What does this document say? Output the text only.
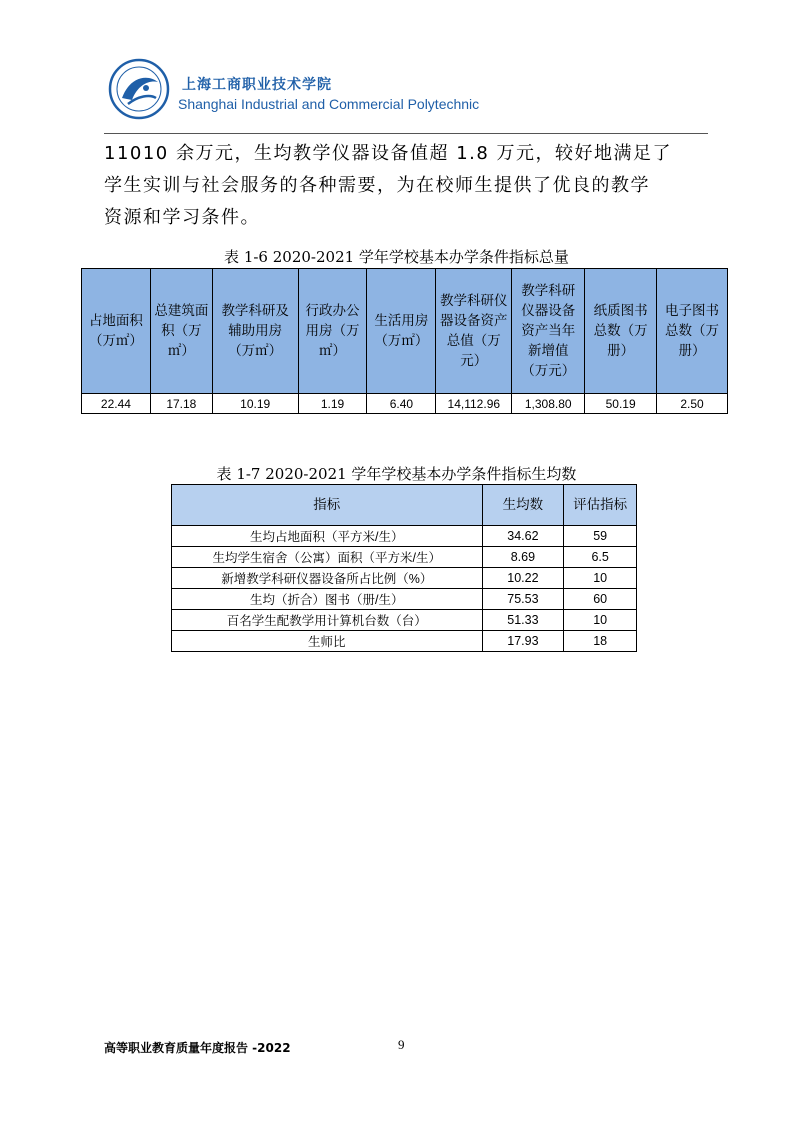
上海工商职业技术学院
Shanghai Industrial and Commercial Polytechnic

11010 余万元，生均教学仪器设备值超 1.8 万元，较好地满足了

学生实训与社会服务的各种需要，为在校师生提供了优良的教学

资源和学习条件。

表 1-6 2020-2021 学年学校基本办学条件指标总量
占地面积（万㎡）	总建筑面积（万㎡）	教学科研及辅助用房（万㎡）	行政办公用房（万㎡）	生活用房（万㎡）	教学科研仪器设备资产总值（万元）	教学科研仪器设备资产当年新增值（万元）	纸质图书总数（万册）	电子图书总数（万册）
22.44	17.18	10.19	1.19	6.40	14,112.96	1,308.80	50.19	2.50
表 1-7 2020-2021 学年学校基本办学条件指标生均数
指标	生均数	评估指标
生均占地面积（平方米/生）	34.62	59
生均学生宿舍（公寓）面积（平方米/生）	8.69	6.5
新增教学科研仪器设备所占比例（%）	10.22	10
生均（折合）图书（册/生）	75.53	60
百名学生配教学用计算机台数（台）	51.33	10
生师比	17.93	18
高等职业教育质量年度报告 -2022	9
